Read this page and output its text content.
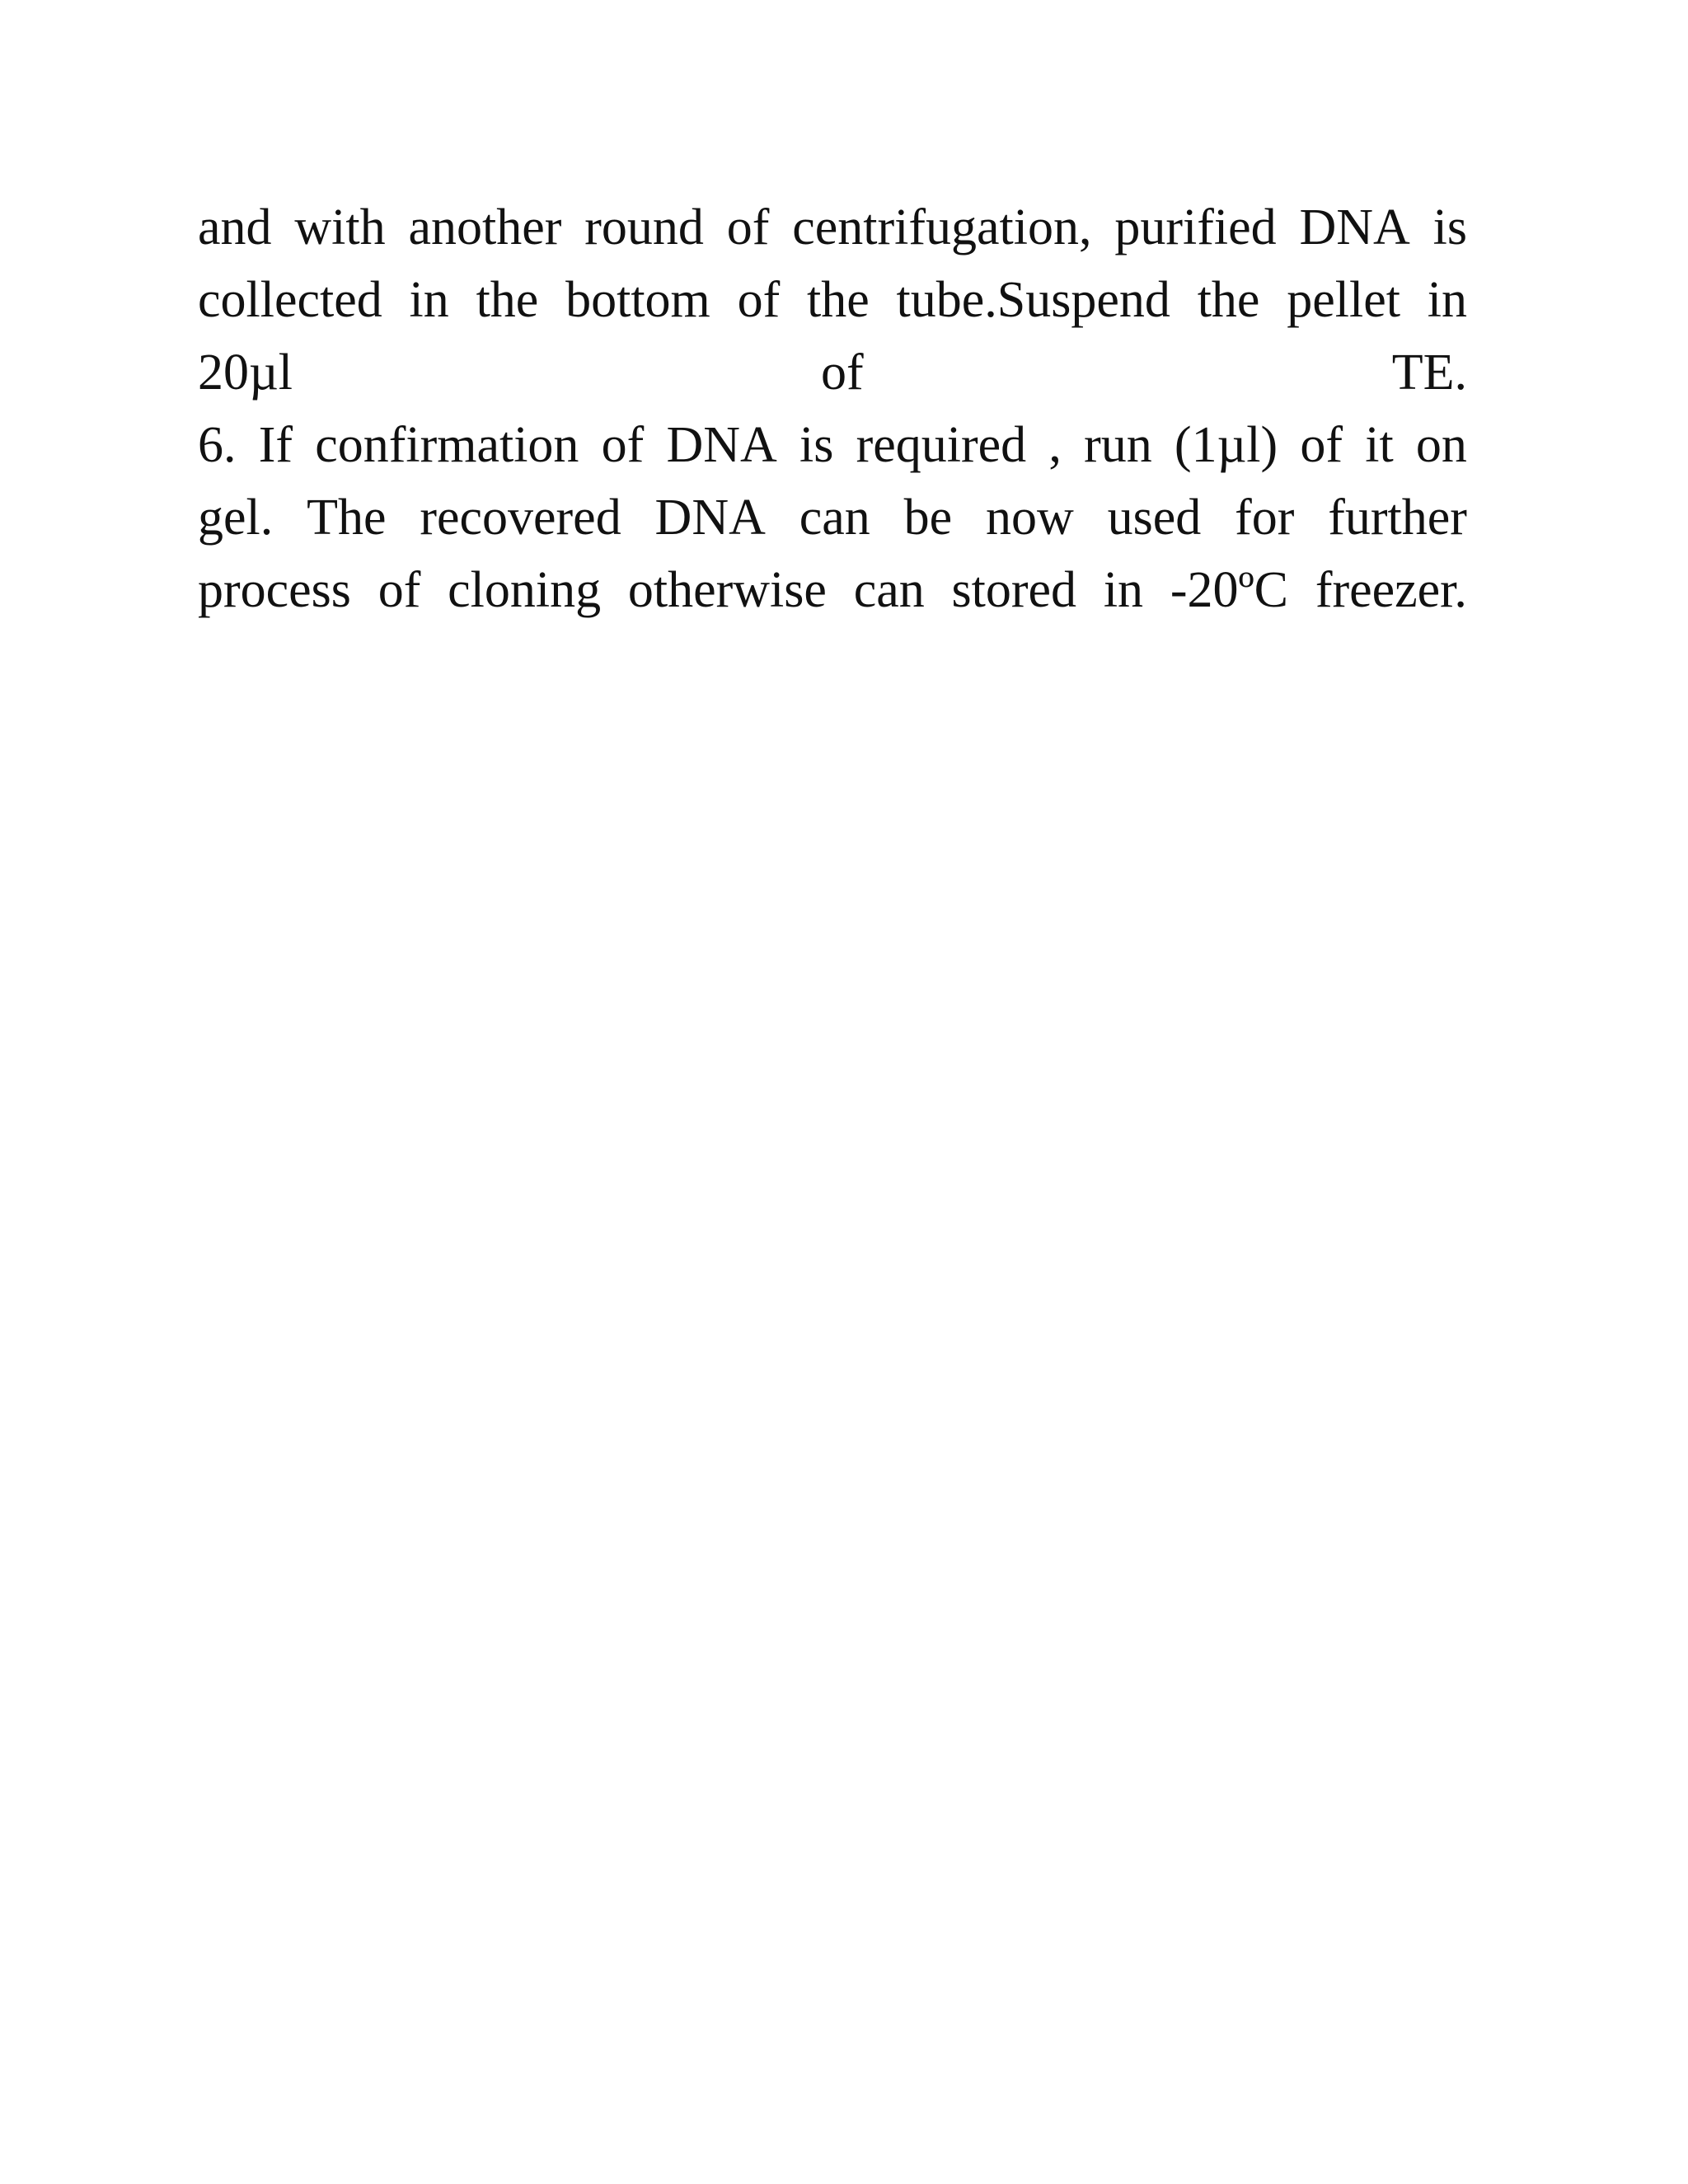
and with another round of centrifugation, purified DNA is
collected in the bottom of the tube.Suspend the pellet in
20µl	of	TE.
6. If confirmation of DNA is required , run (1µl) of it on
gel. The recovered DNA can be now used for further
process of cloning otherwise can stored in -20ºC freezer.
